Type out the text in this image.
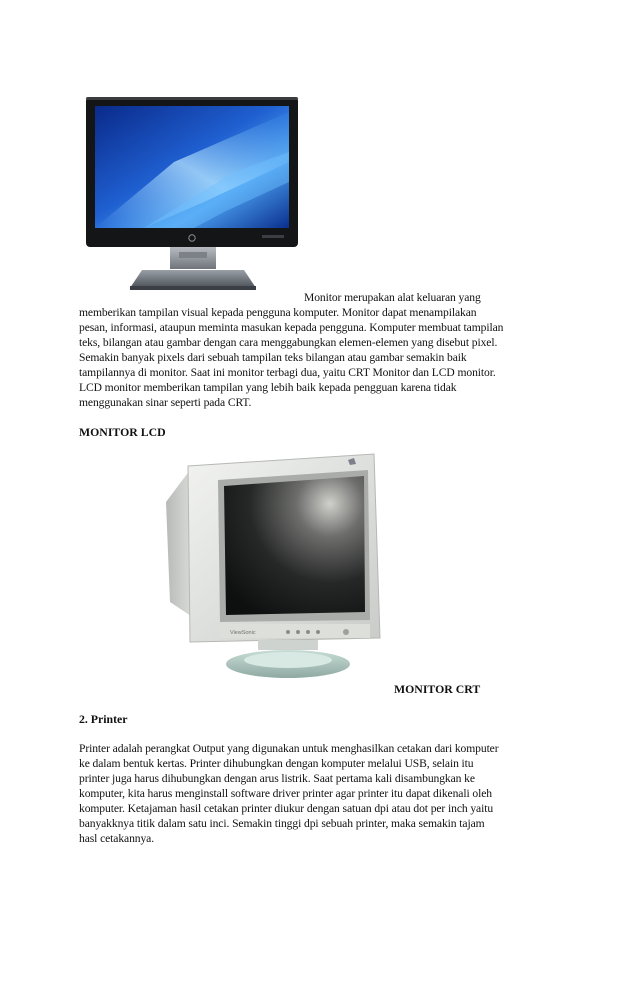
Monitor merupakan alat keluaran yang
memberikan tampilan visual kepada pengguna komputer. Monitor dapat menampilakan
pesan, informasi, ataupun memintа masukan kepada pengguna. Komputer membuat tampilan
teks, bilangan atau gambar dengan cara menggabungkan elemen-elemen yang disebut pixel.
Semakin banyak pixels dari sebuah tampilan teks bilangan atau gambar semakin baik
tampilannya di monitor. Saat ini monitor terbagi dua, yaitu CRT Monitor dan LCD monitor.
LCD monitor memberikan tampilan yang lebih baik kepada pengguan karena tidak
menggunakan sinar seperti pada CRT.
MONITOR LCD
ViewSonic
MONITOR CRT
2. Printer
Printer adalah perangkat Output yang digunakan untuk menghasilkan cetakan dari komputer
ke dalam bentuk kertas. Printer dihubungkan dengan komputer melalui USB, selain itu
printer juga harus dihubungkan dengan arus listrik. Saat pertama kali disambungkan ke
komputer, kita harus menginstall software driver printer agar printer itu dapat dikenali oleh
komputer. Ketajaman hasil cetakan printer diukur dengan satuan dpi atau dot per inch yaitu
banyakknya titik dalam satu inci. Semakin tinggi dpi sebuah printer, maka semakin tajam
hasl cetakannya.
